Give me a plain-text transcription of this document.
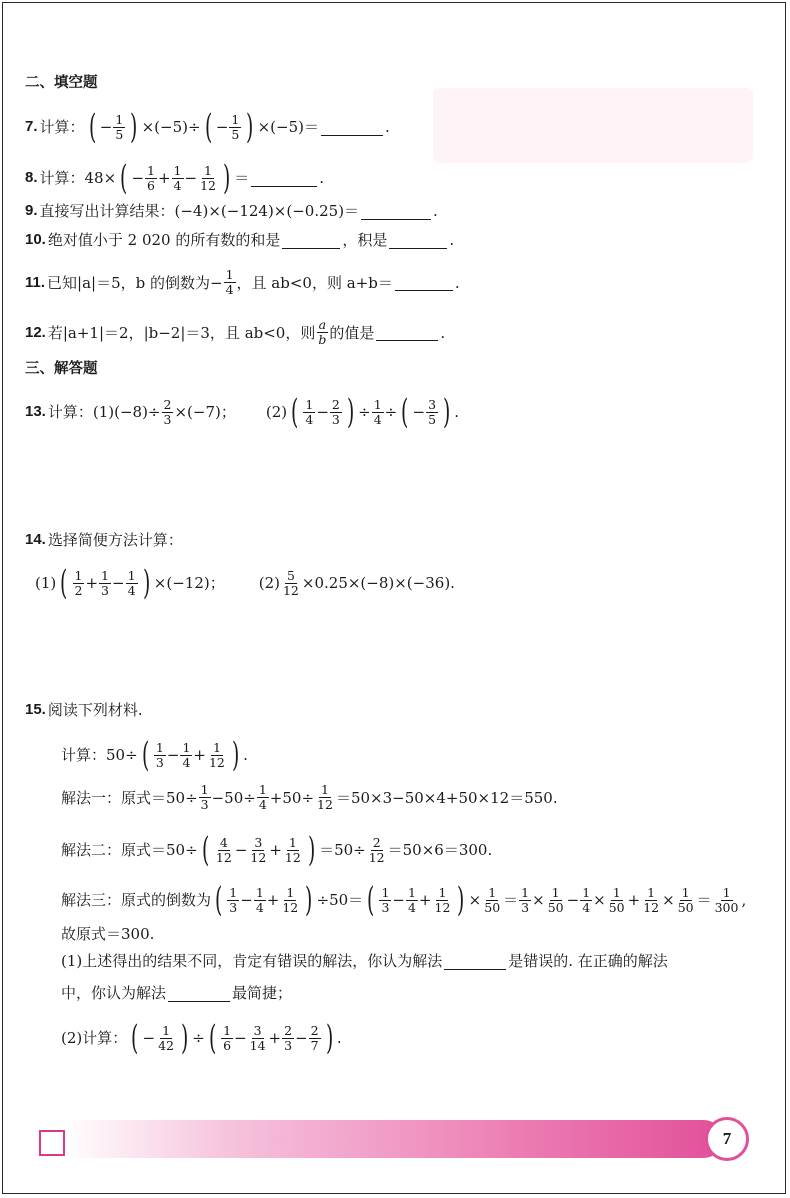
二、填空题
7. 计算： ( − $\frac{1}{5}$ ) ×(−5)÷ ( − $\frac{1}{5}$ ) ×(−5)＝	.
8. 计算：48× ( − $\frac{1}{6} + \frac{1}{4} - \frac{1}{12}$ ) ＝	.
9. 直接写出计算结果：(−4)×(−124)×(−0.25)＝	.
10. 绝对值小于 2 020 的所有数的和是	，积是	.
11. 已知|a|＝5，b 的倒数为− $\frac{1}{4}$ ，且 ab<0，则 a+b＝	.
12. 若|a+1|＝2，|b−2|＝3，且 ab<0，则 $\frac{a}{b}$ 的值是	.
三、解答题
13. 计算：$(1)(-8)\div \frac{2}{3} \times(-7)$； (2) ( $\frac{1}{4} - \frac{2}{3}$ ) ÷ $\frac{1}{4}$ ÷ ( − $\frac{3}{5}$ ) .
14. 选择简便方法计算：
(1) ( $\frac{1}{2} + \frac{1}{3} - \frac{1}{4}$ ) ×(−12)； $(2) \frac{5}{12} \times 0.25\times(-8)\times(-36)$.
15. 阅读下列材料.
计算：50÷ ( $\frac{1}{3} - \frac{1}{4} + \frac{1}{12}$ ) .
解法一：原式$=50\div \frac{1}{3} -50\div \frac{1}{4} +50\div \frac{1}{12} =50\times 3-50\times 4+50\times 12=550$.
解法二：原式＝50÷ ( $\frac{4}{12} - \frac{3}{12} + \frac{1}{12}$ ) $=50\div \frac{2}{12} =50\times 6=300$.
解法三：原式的倒数为 ( $\frac{1}{3} - \frac{1}{4} + \frac{1}{12}$ ) ÷50＝ ( $\frac{1}{3} - \frac{1}{4} + \frac{1}{12}$ ) × $\frac{1}{50} = \frac{1}{3} \times \frac{1}{50} - \frac{1}{4} \times \frac{1}{50} + \frac{1}{12} \times \frac{1}{50} = \frac{1}{300}$ ,
故原式＝300.
(1)上述得出的结果不同，肯定有错误的解法，你认为解法	是错误的. 在正确的解法
中，你认为解法	最简捷；
(2)计算： ( − $\frac{1}{42}$ ) ÷ ( $\frac{1}{6} - \frac{3}{14} + \frac{2}{3} - \frac{2}{7}$ ) .
7
